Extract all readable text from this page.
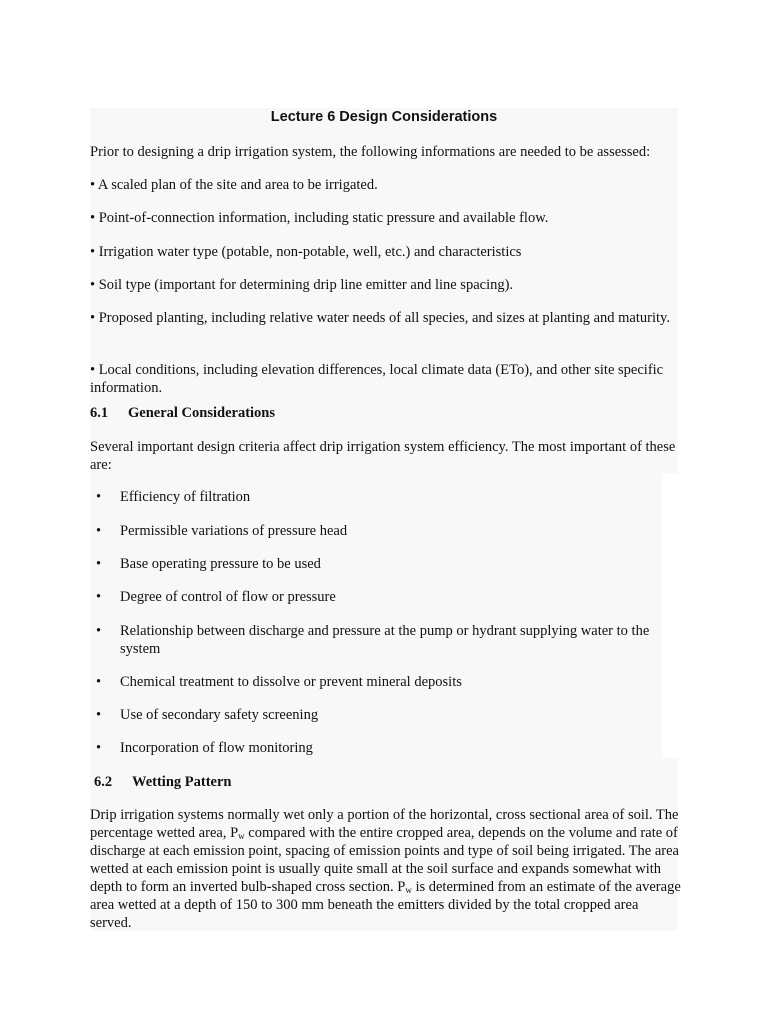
Lecture 6 Design Considerations

Prior to designing a drip irrigation system, the following informations are needed to be assessed:

• A scaled plan of the site and area to be irrigated.

• Point-of-connection information, including static pressure and available flow.

• Irrigation water type (potable, non-potable, well, etc.) and characteristics

• Soil type (important for determining drip line emitter and line spacing).

• Proposed planting, including relative water needs of all species, and sizes at planting and maturity.

• Local conditions, including elevation differences, local climate data (ETo), and other site specific information.

6.1 General Considerations

Several important design criteria affect drip irrigation system efficiency. The most important of these are:

• Efficiency of filtration
• Permissible variations of pressure head
• Base operating pressure to be used
• Degree of control of flow or pressure
• Relationship between discharge and pressure at the pump or hydrant supplying water to the system
• Chemical treatment to dissolve or prevent mineral deposits
• Use of secondary safety screening
• Incorporation of flow monitoring
6.2 Wetting Pattern

Drip irrigation systems normally wet only a portion of the horizontal, cross sectional area of soil. The percentage wetted area, $P_w$ compared with the entire cropped area, depends on the volume and rate of discharge at each emission point, spacing of emission points and type of soil being irrigated. The area wetted at each emission point is usually quite small at the soil surface and expands somewhat with depth to form an inverted bulb-shaped cross section. $P_w$ is determined from an estimate of the average area wetted at a depth of 150 to 300 mm beneath the emitters divided by the total cropped area served.
